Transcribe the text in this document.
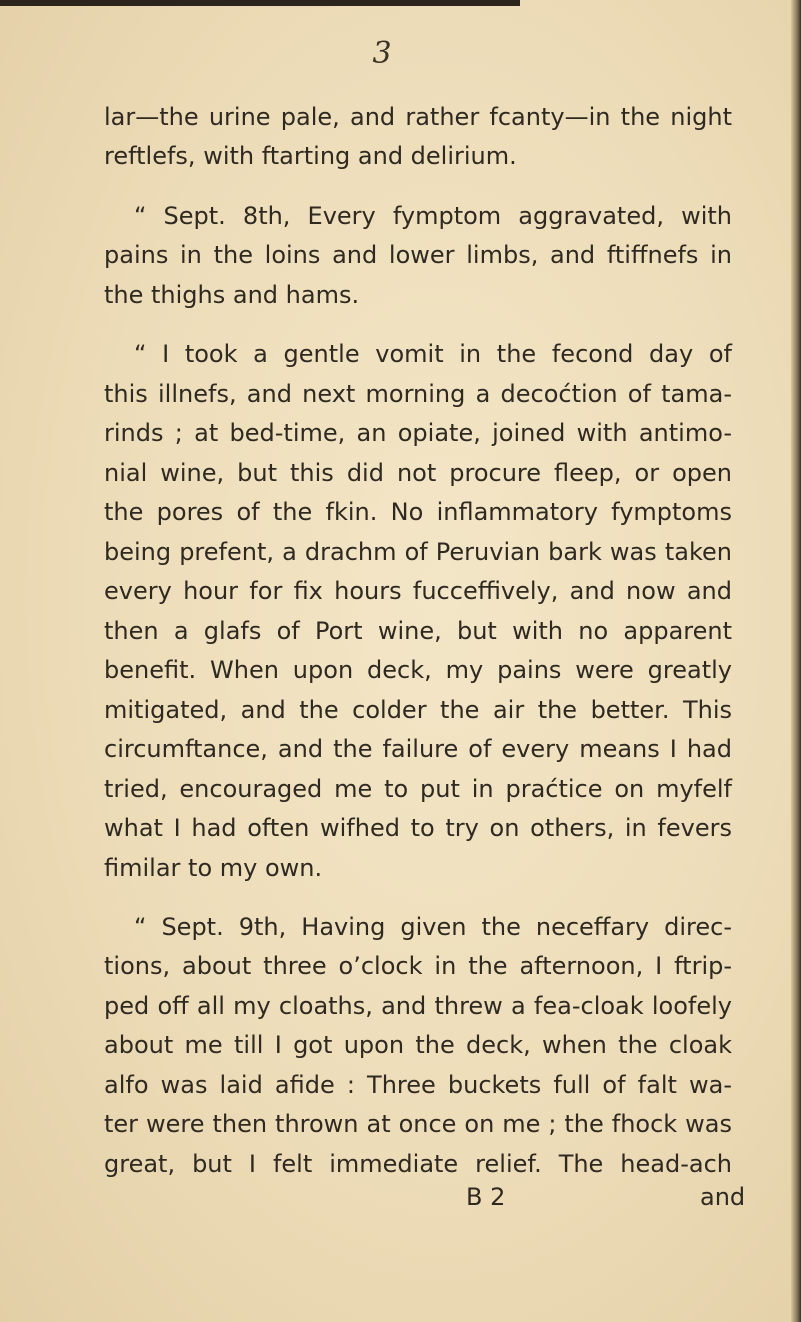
3
lar—the urine pale, and rather fcanty—in the night
reftlefs, with ftarting and delirium.
“ Sept. 8th, Every fymptom aggravated, with
pains in the loins and lower limbs, and ftiffnefs in
the thighs and hams.
“ I took a gentle vomit in the fecond day of
this illnefs, and next morning a decoćtion of tama-
rinds ; at bed-time, an opiate, joined with antimo-
nial wine, but this did not procure fleep, or open
the pores of the fkin. No inflammatory fymptoms
being prefent, a drachm of Peruvian bark was taken
every hour for fix hours fucceffively, and now and
then a glafs of Port wine, but with no apparent
benefit. When upon deck, my pains were greatly
mitigated, and the colder the air the better. This
circumftance, and the failure of every means I had
tried, encouraged me to put in praćtice on myfelf
what I had often wifhed to try on others, in fevers
fimilar to my own.
“ Sept. 9th, Having given the neceffary direc-
tions, about three o’clock in the afternoon, I ftrip-
ped off all my cloaths, and threw a fea-cloak loofely
about me till I got upon the deck, when the cloak
alfo was laid afide : Three buckets full of falt wa-
ter were then thrown at once on me ; the fhock was
great, but I felt immediate relief. The head-ach
B 2	and
